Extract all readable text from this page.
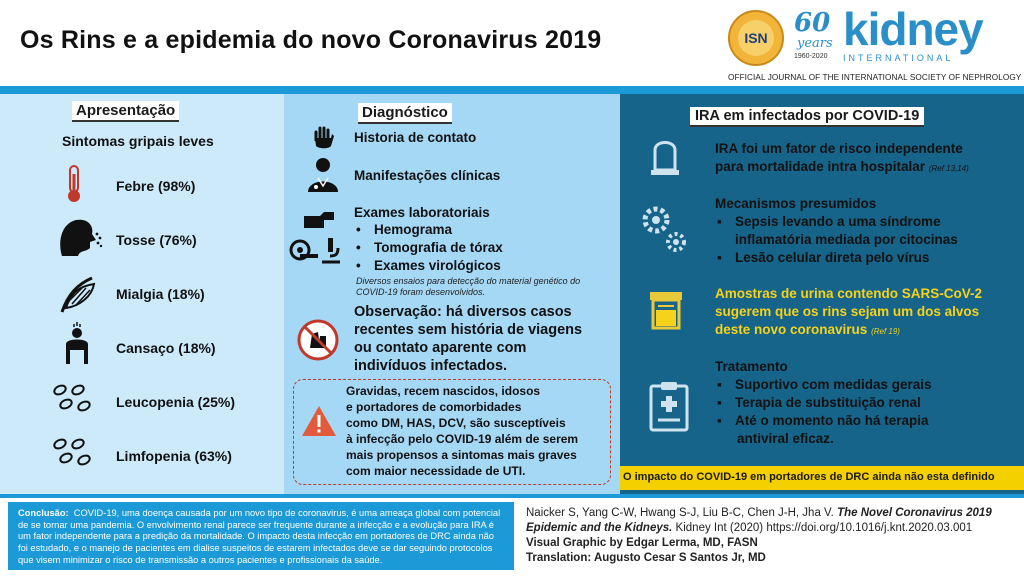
Os Rins e a epidemia do novo Coronavirus 2019	ISN 60
years
1960-2020
kidney
INTERNATIONAL
OFFICIAL JOURNAL OF THE INTERNATIONAL SOCIETY OF NEPHROLOGY
Apresentação
Sintomas gripais leves
Febre (98%)
Tosse (76%)
Mialgia (18%)
Cansaço (18%)
Leucopenia (25%)
Limfopenia (63%)
Diagnóstico
Historia de contato
Manifestações clínicas
Exames laboratoriais
• Hemograma
• Tomografia de tórax
• Exames virológicos
Diversos ensaios para detecção do material genético do
COVID-19 foram desenvolvidos.
Observação: há diversos casos
recentes sem história de viagens
ou contato aparente com
indivíduos infectados.
Gravidas, recem nascidos, idosos
e portadores de comorbidades
como DM, HAS, DCV, são susceptíveis
à infecção pelo COVID-19 além de serem
mais propensos a sintomas mais graves
com maior necessidade de UTI.
IRA em infectados por COVID-19
IRA foi um fator de risco independente
para mortalidade intra hospitalar (Ref 13,14)
Mecanismos presumidos
▪ Sepsis levando a uma síndrome
inflamatória mediada por citocinas
▪ Lesão celular direta pelo vírus
Amostras de urina contendo SARS-CoV-2
sugerem que os rins sejam um dos alvos
deste novo coronavirus (Ref 19)
Tratamento
▪ Suportivo com medidas gerais
▪ Terapia de substituição renal
▪ Até o momento não há terapia
antiviral eficaz.
O impacto do COVID-19 em portadores de DRC ainda não esta definido
Conclusão: COVID-19, uma doença causada por um novo tipo de coronavirus, é uma ameaça global com potencial de se tornar uma pandemia. O envolvimento renal parece ser frequente durante a infecção e a evolução para IRA é um fator independente para a predição da mortalidade. O impacto desta infecção em portadores de DRC ainda não foi estudado, e o manejo de pacientes em dialise suspeitos de estarem infectados deve se dar seguindo protocolos que visem minimizar o risco de transmissão a outros pacientes e profissionais da saúde.
Naicker S, Yang C-W, Hwang S-J, Liu B-C, Chen J-H, Jha V. The Novel Coronavirus 2019
Epidemic and the Kidneys. Kidney Int (2020) https://doi.org/10.1016/j.knt.2020.03.001
Visual Graphic by Edgar Lerma, MD, FASN
Translation: Augusto Cesar S Santos Jr, MD
